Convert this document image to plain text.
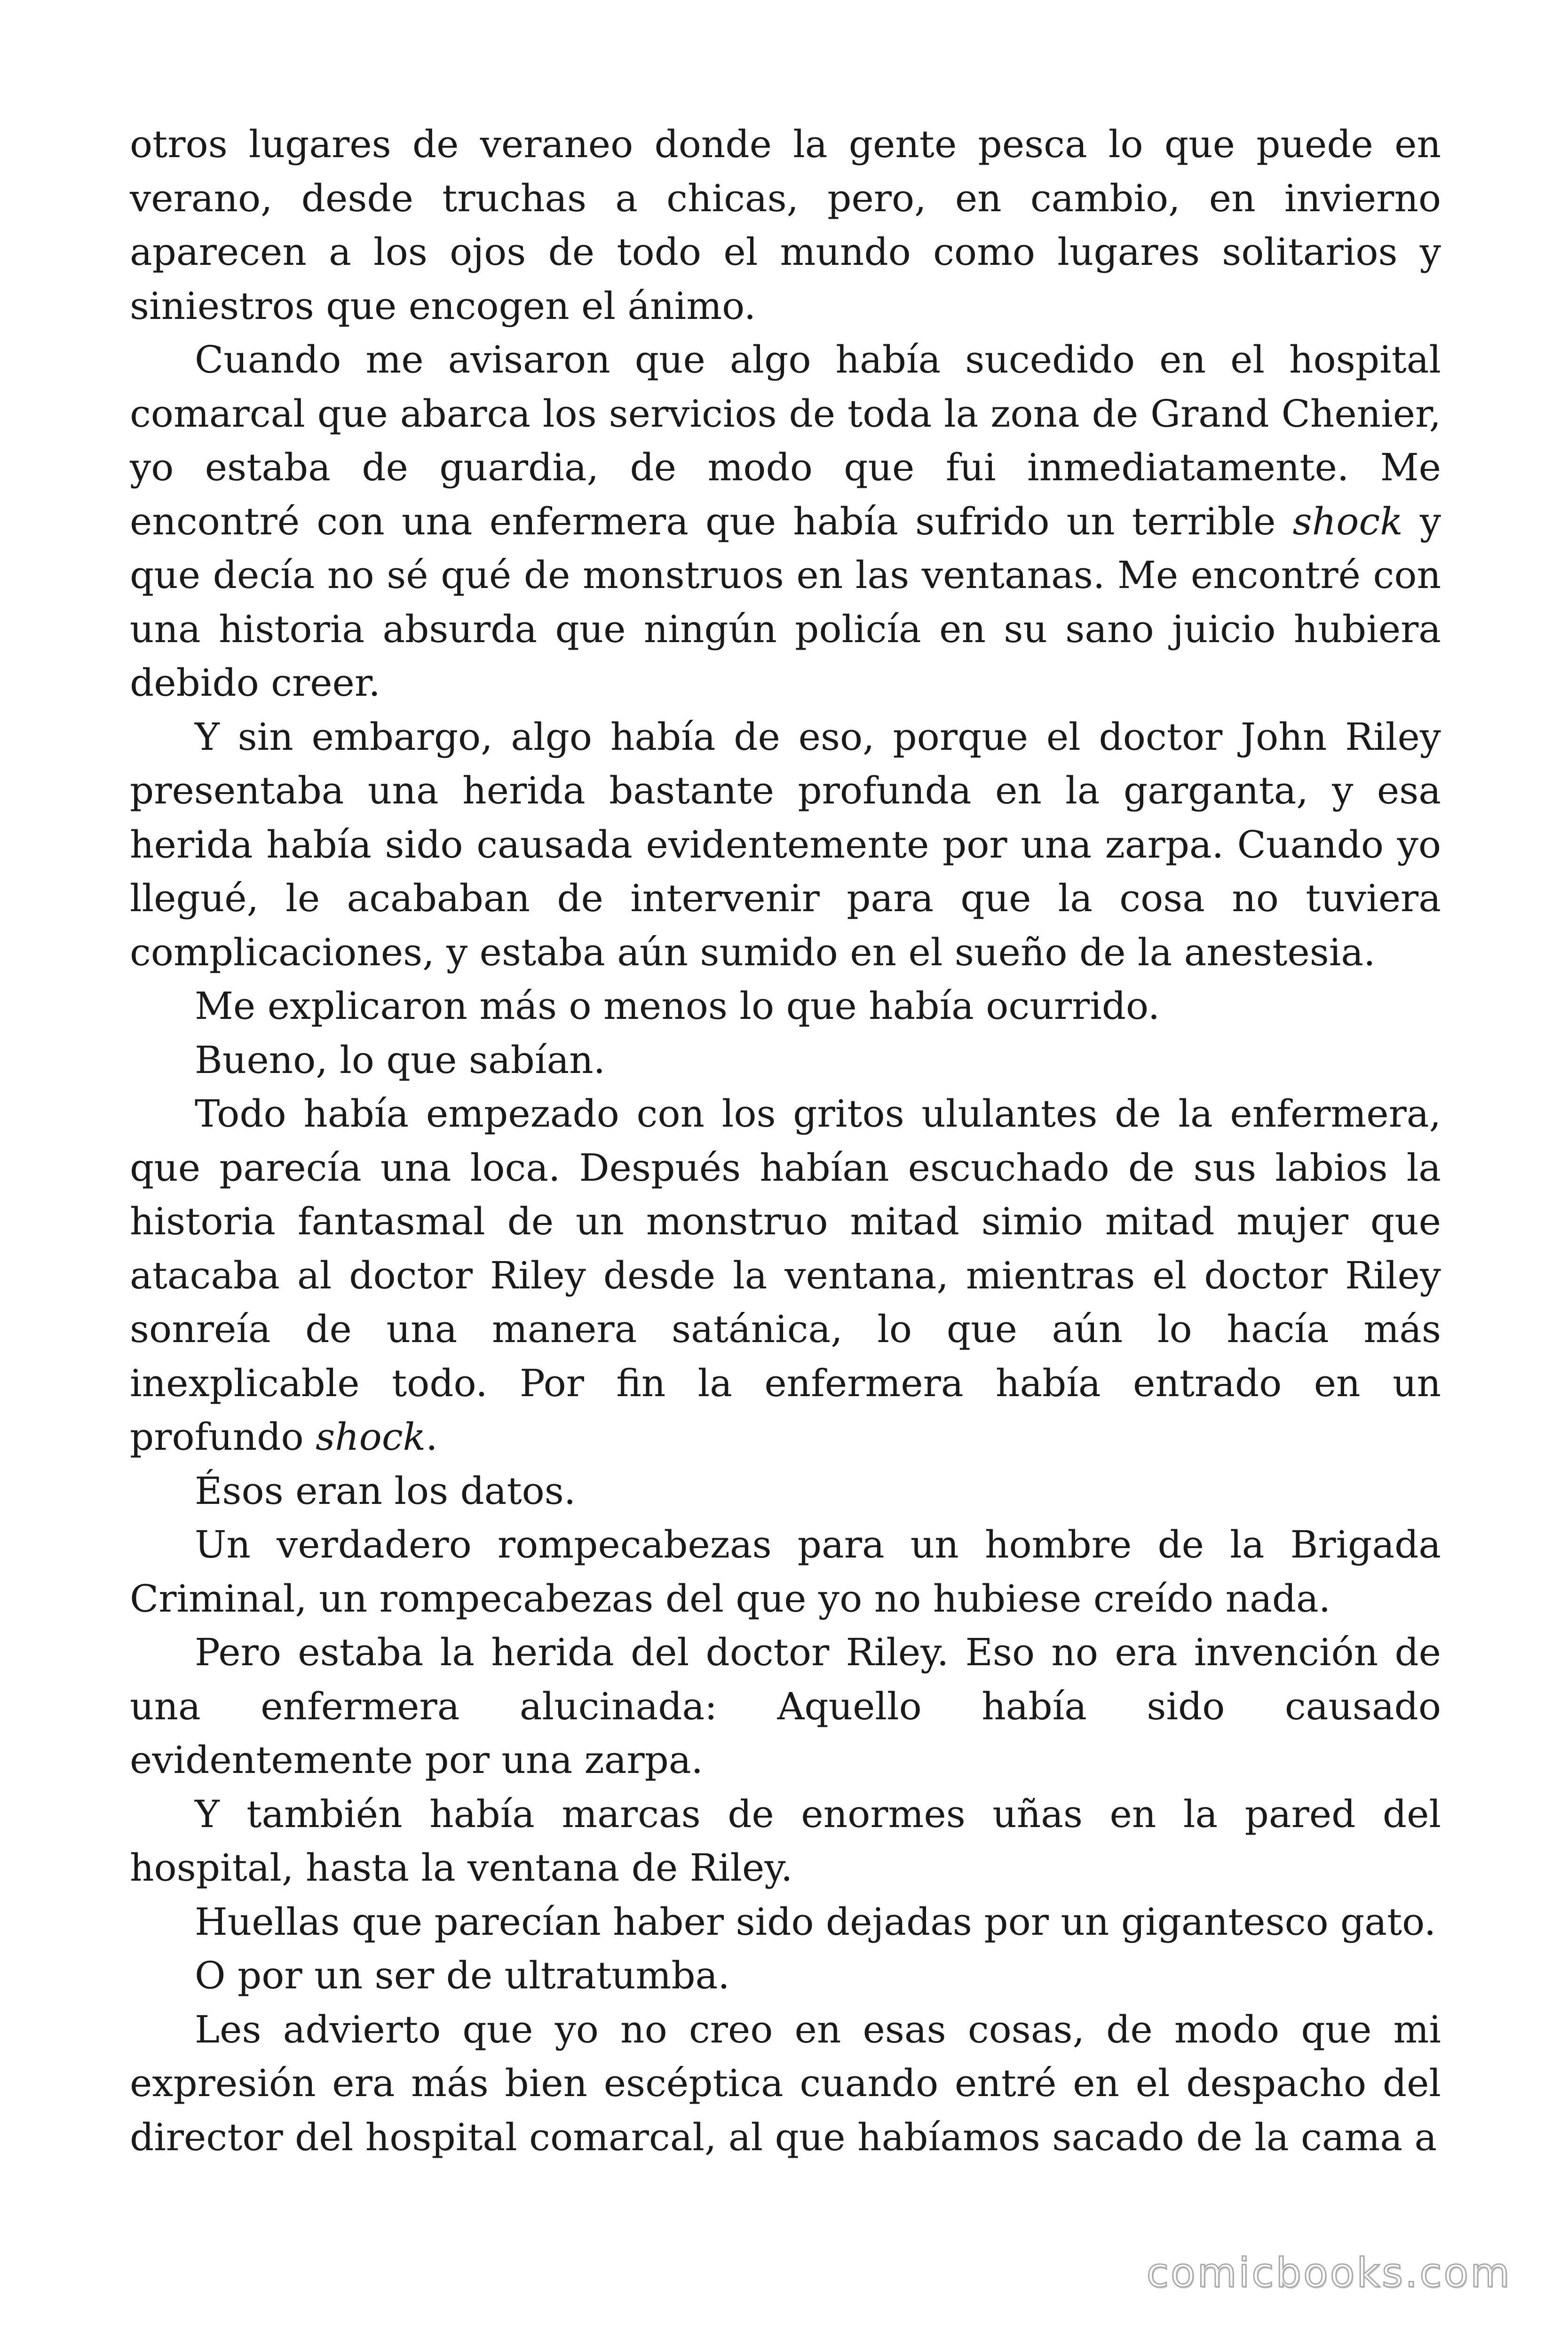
otros lugares de veraneo donde la gente pesca lo que puede en verano, desde truchas a chicas, pero, en cambio, en invierno aparecen a los ojos de todo el mundo como lugares solitarios y siniestros que encogen el ánimo.

Cuando me avisaron que algo había sucedido en el hospital comarcal que abarca los servicios de toda la zona de Grand Chenier, yo estaba de guardia, de modo que fui inmediatamente. Me encontré con una enfermera que había sufrido un terrible shock y que decía no sé qué de monstruos en las ventanas. Me encontré con una historia absurda que ningún policía en su sano juicio hubiera debido creer.

Y sin embargo, algo había de eso, porque el doctor John Riley presentaba una herida bastante profunda en la garganta, y esa herida había sido causada evidentemente por una zarpa. Cuando yo llegué, le acababan de intervenir para que la cosa no tuviera complicaciones, y estaba aún sumido en el sueño de la anestesia.

Me explicaron más o menos lo que había ocurrido.

Bueno, lo que sabían.

Todo había empezado con los gritos ululantes de la enfermera, que parecía una loca. Después habían escuchado de sus labios la historia fantasmal de un monstruo mitad simio mitad mujer que atacaba al doctor Riley desde la ventana, mientras el doctor Riley sonreía de una manera satánica, lo que aún lo hacía más inexplicable todo. Por fin la enfermera había entrado en un profundo shock.

Ésos eran los datos.

Un verdadero rompecabezas para un hombre de la Brigada Criminal, un rompecabezas del que yo no hubiese creído nada.

Pero estaba la herida del doctor Riley. Eso no era invención de una enfermera alucinada: Aquello había sido causado evidentemente por una zarpa.

Y también había marcas de enormes uñas en la pared del hospital, hasta la ventana de Riley.

Huellas que parecían haber sido dejadas por un gigantesco gato.

O por un ser de ultratumba.

Les advierto que yo no creo en esas cosas, de modo que mi expresión era más bien escéptica cuando entré en el despacho del director del hospital comarcal, al que habíamos sacado de la cama a

comicbooks.com
